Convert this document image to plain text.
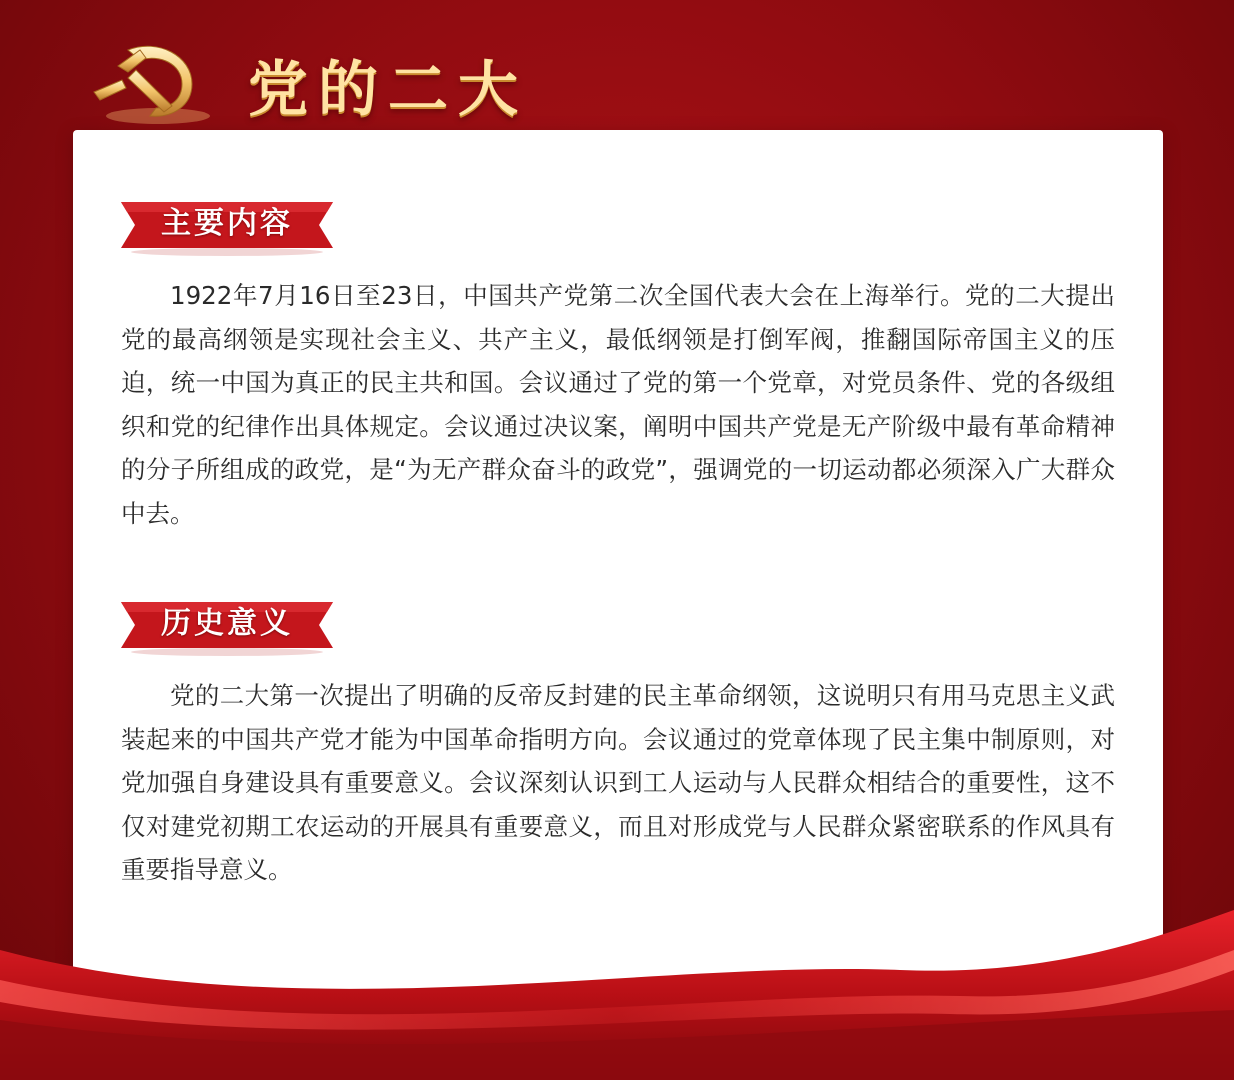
党的二大
主要内容

1922年7月16日至23日，中国共产党第二次全国代表大会在上海举行。党的二大提出党的最高纲领是实现社会主义、共产主义，最低纲领是打倒军阀，推翻国际帝国主义的压迫，统一中国为真正的民主共和国。会议通过了党的第一个党章，对党员条件、党的各级组织和党的纪律作出具体规定。会议通过决议案，阐明中国共产党是无产阶级中最有革命精神的分子所组成的政党，是“为无产群众奋斗的政党”，强调党的一切运动都必须深入广大群众中去。

历史意义

党的二大第一次提出了明确的反帝反封建的民主革命纲领，这说明只有用马克思主义武装起来的中国共产党才能为中国革命指明方向。会议通过的党章体现了民主集中制原则，对党加强自身建设具有重要意义。会议深刻认识到工人运动与人民群众相结合的重要性，这不仅对建党初期工农运动的开展具有重要意义，而且对形成党与人民群众紧密联系的作风具有重要指导意义。
